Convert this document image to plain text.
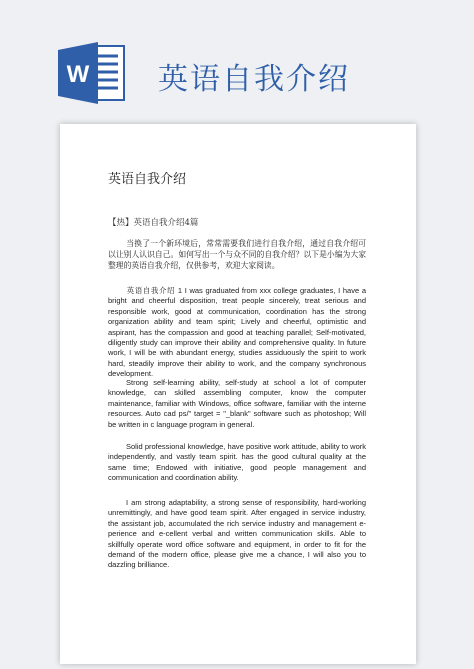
W 英语自我介绍
英语自我介绍
【热】英语自我介绍4篇

当换了一个新环境后，常常需要我们进行自我介绍，通过自我介绍可以让别人认识自己。如何写出一个与众不同的自我介绍？以下是小编为大家整理的英语自我介绍，仅供参考，欢迎大家阅读。

英语自我介绍 1 I was graduated from xxx college graduates, I have a bright and cheerful disposition, treat people sincerely, treat serious and responsible work, good at communication, coordination has the strong organization ability and team spirit; Lively and cheerful, optimistic and aspirant, has the compassion and good at teaching parallel; Self-motivated, diligently study can improve their ability and comprehensive quality. In future work, I will be with abundant energy, studies assiduously the spirit to work hard, steadily improve their ability to work, and the company synchronous development.

Strong self-learning ability, self-study at school a lot of computer knowledge, can skilled assembling computer, know the computer maintenance, familiar with Windows, office software, familiar with the interne resources. Auto cad ps/" target = "_blank" software such as photoshop; Will be written in c language program in general.

Solid professional knowledge, have positive work attitude, ability to work independently, and vastly team spirit. has the good cultural quality at the same time; Endowed with initiative, good people management and communication and coordination ability.

I am strong adaptability, a strong sense of responsibility, hard-working unremittingly, and have good team spirit. After engaged in service industry, the assistant job, accumulated the rich service industry and management e-perience and e-cellent verbal and written communication skills. Able to skillfully operate word office software and equipment, in order to fit for the demand of the modern office, please give me a chance, I will also you to dazzling brilliance.
